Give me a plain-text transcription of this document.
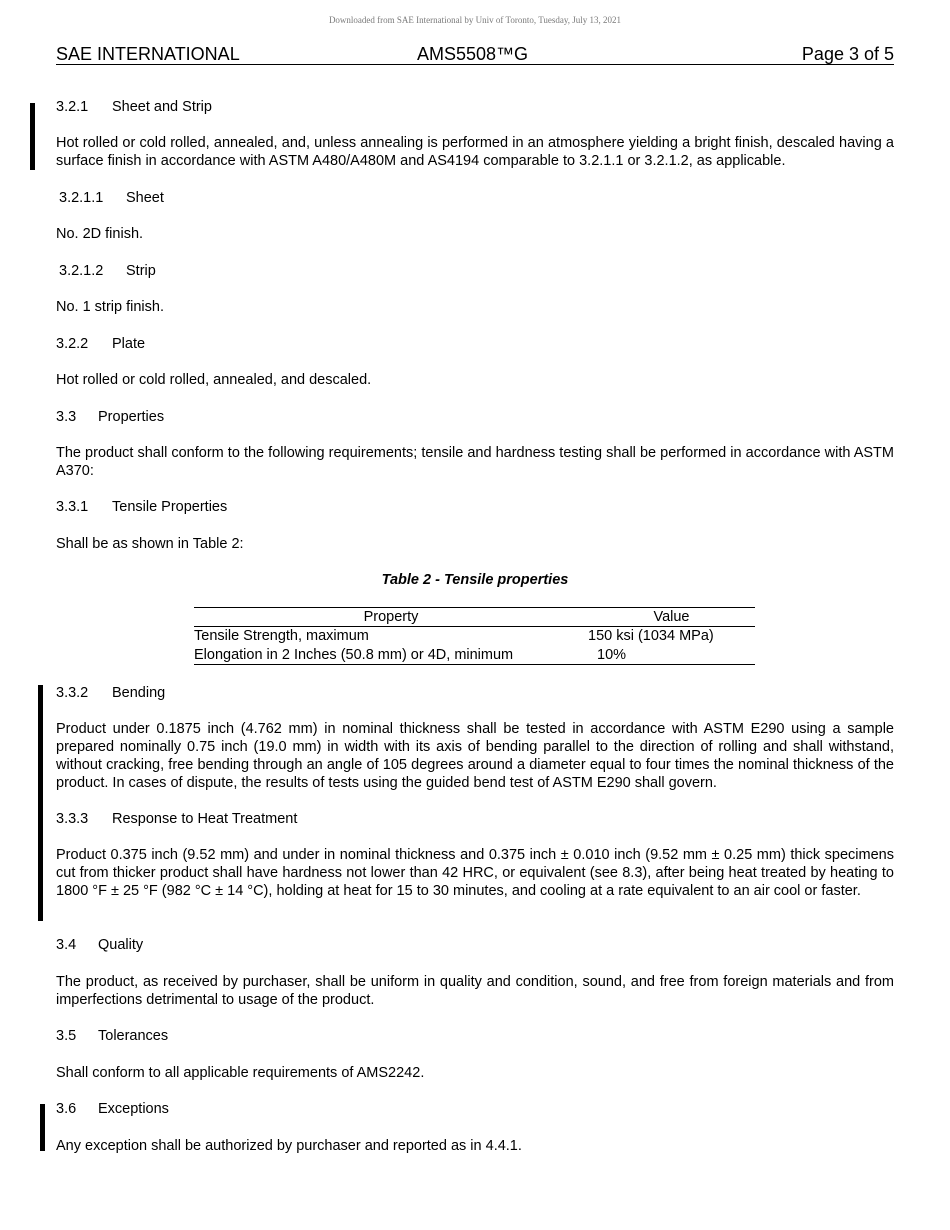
Downloaded from SAE International by Univ of Toronto, Tuesday, July 13, 2021
SAE INTERNATIONAL	AMS5508™G	Page 3 of 5
3.2.1 Sheet and Strip
Hot rolled or cold rolled, annealed, and, unless annealing is performed in an atmosphere yielding a bright finish, descaled having a surface finish in accordance with ASTM A480/A480M and AS4194 comparable to 3.2.1.1 or 3.2.1.2, as applicable.
3.2.1.1 Sheet
No. 2D finish.
3.2.1.2 Strip
No. 1 strip finish.
3.2.2 Plate
Hot rolled or cold rolled, annealed, and descaled.
3.3 Properties
The product shall conform to the following requirements; tensile and hardness testing shall be performed in accordance with ASTM A370:
3.3.1 Tensile Properties
Shall be as shown in Table 2:
Table 2 - Tensile properties
Property	Value
Tensile Strength, maximum	150 ksi (1034 MPa)
Elongation in 2 Inches (50.8 mm) or 4D, minimum	10%
3.3.2 Bending
Product under 0.1875 inch (4.762 mm) in nominal thickness shall be tested in accordance with ASTM E290 using a sample prepared nominally 0.75 inch (19.0 mm) in width with its axis of bending parallel to the direction of rolling and shall withstand, without cracking, free bending through an angle of 105 degrees around a diameter equal to four times the nominal thickness of the product. In cases of dispute, the results of tests using the guided bend test of ASTM E290 shall govern.
3.3.3 Response to Heat Treatment
Product 0.375 inch (9.52 mm) and under in nominal thickness and 0.375 inch ± 0.010 inch (9.52 mm ± 0.25 mm) thick specimens cut from thicker product shall have hardness not lower than 42 HRC, or equivalent (see 8.3), after being heat treated by heating to 1800 °F ± 25 °F (982 °C ± 14 °C), holding at heat for 15 to 30 minutes, and cooling at a rate equivalent to an air cool or faster.
3.4 Quality
The product, as received by purchaser, shall be uniform in quality and condition, sound, and free from foreign materials and from imperfections detrimental to usage of the product.
3.5 Tolerances
Shall conform to all applicable requirements of AMS2242.
3.6 Exceptions
Any exception shall be authorized by purchaser and reported as in 4.4.1.
